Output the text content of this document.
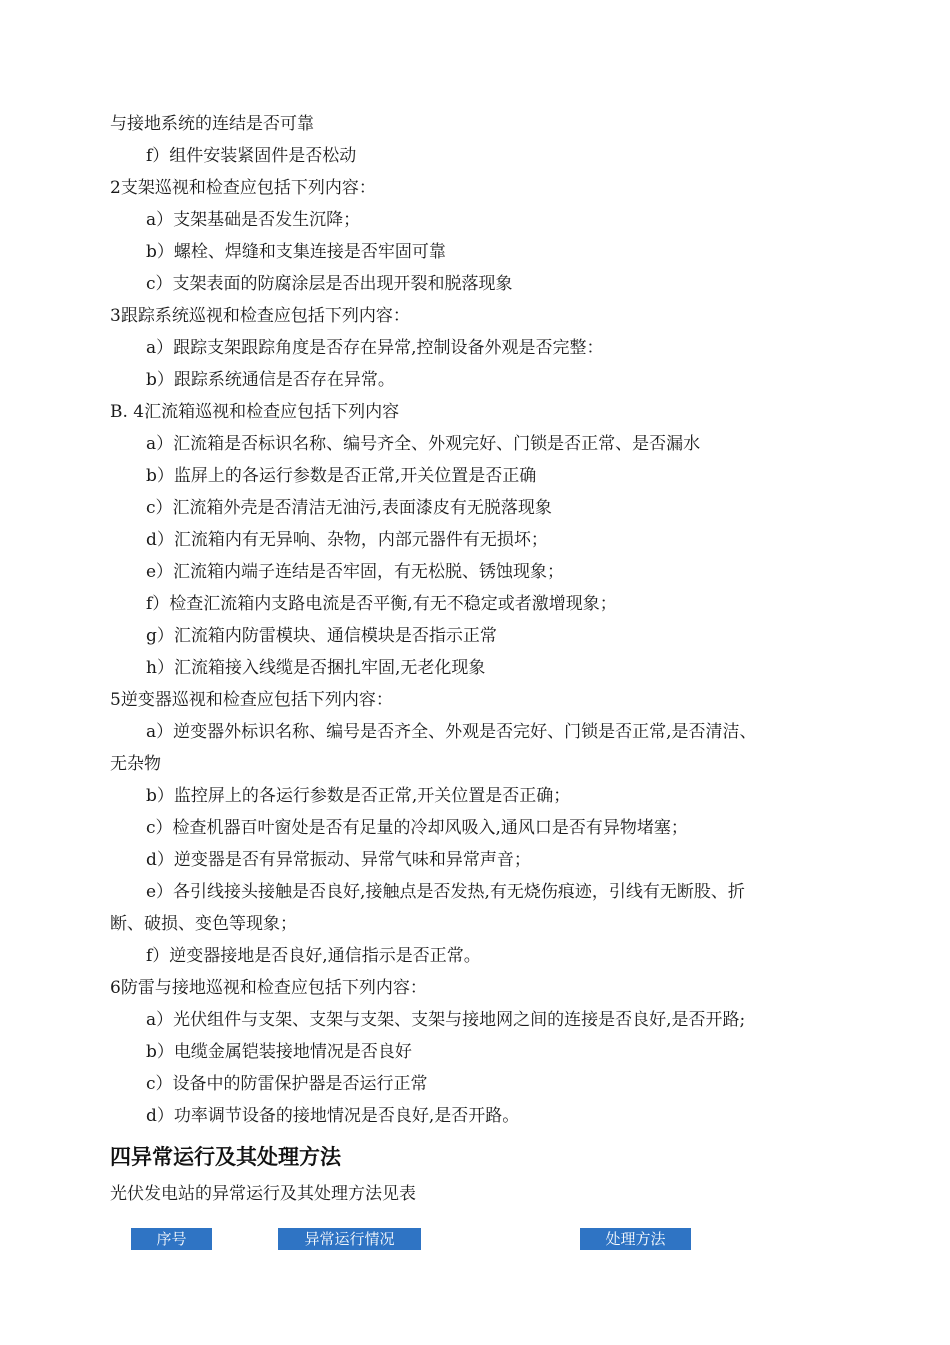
与接地系统的连结是否可靠
f）组件安装紧固件是否松动
2支架巡视和检查应包括下列内容：
a）支架基础是否发生沉降；
b）螺栓、焊缝和支集连接是否牢固可靠
c）支架表面的防腐涂层是否出现开裂和脱落现象
3跟踪系统巡视和检查应包括下列内容：
a）跟踪支架跟踪角度是否存在异常,控制设备外观是否完整：
b）跟踪系统通信是否存在异常。
B. 4汇流箱巡视和检查应包括下列内容
a）汇流箱是否标识名称、编号齐全、外观完好、门锁是否正常、是否漏水
b）监屏上的各运行参数是否正常,开关位置是否正确
c）汇流箱外壳是否清洁无油污,表面漆皮有无脱落现象
d）汇流箱内有无异响、杂物，内部元器件有无损坏；
e）汇流箱内端子连结是否牢固，有无松脱、锈蚀现象；
f）检查汇流箱内支路电流是否平衡,有无不稳定或者激增现象；
g）汇流箱内防雷模块、通信模块是否指示正常
h）汇流箱接入线缆是否捆扎牢固,无老化现象
5逆变器巡视和检查应包括下列内容：
a）逆变器外标识名称、编号是否齐全、外观是否完好、门锁是否正常,是否清洁、
无杂物
b）监控屏上的各运行参数是否正常,开关位置是否正确；
c）检查机器百叶窗处是否有足量的冷却风吸入,通风口是否有异物堵塞；
d）逆变器是否有异常振动、异常气味和异常声音；
e）各引线接头接触是否良好,接触点是否发热,有无烧伤痕迹，引线有无断股、折
断、破损、变色等现象；
f）逆变器接地是否良好,通信指示是否正常。
6防雷与接地巡视和检查应包括下列内容：
a）光伏组件与支架、支架与支架、支架与接地网之间的连接是否良好,是否开路;
b）电缆金属铠装接地情况是否良好
c）设备中的防雷保护器是否运行正常
d）功率调节设备的接地情况是否良好,是否开路。
四异常运行及其处理方法
光伏发电站的异常运行及其处理方法见表
序号	异常运行情况	处理方法
